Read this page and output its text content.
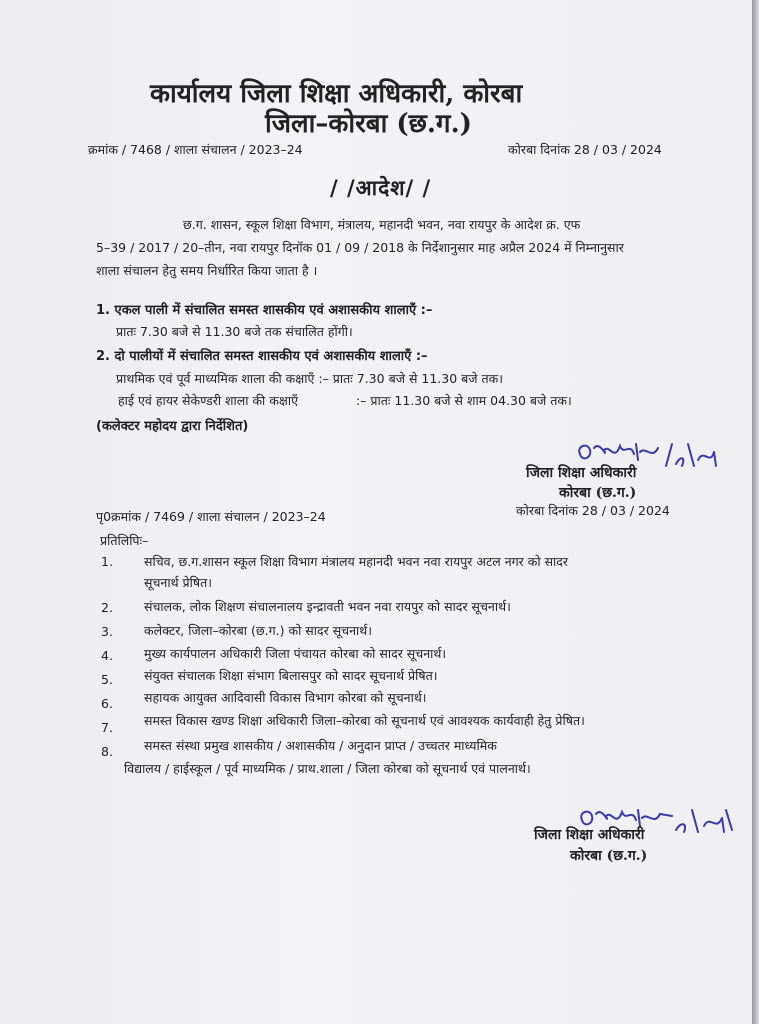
कार्यालय जिला शिक्षा अधिकारी, कोरबा
जिला–कोरबा (छ.ग.)
क्रमांक / 7468 / शाला संचालन / 2023–24	कोरबा दिनांक 28 / 03 / 2024
/ /आदेश/ /
छ.ग. शासन, स्कूल शिक्षा विभाग, मंत्रालय, महानदी भवन, नवा रायपुर के आदेश क्र. एफ
5–39 / 2017 / 20–तीन, नवा रायपुर दिनॉक 01 / 09 / 2018 के निर्देशानुसार माह अप्रैल 2024 में निम्नानुसार
शाला संचालन हेतु समय निर्धारित किया जाता है ।
1. एकल पाली में संचालित समस्त शासकीय एवं अशासकीय शालाएँ :–
प्रातः 7.30 बजे से 11.30 बजे तक संचालित होंगी।
2. दो पालीयों में संचालित समस्त शासकीय एवं अशासकीय शालाएँ :–
प्राथमिक एवं पूर्व माध्यमिक शाला की कक्षाएँ :– प्रातः 7.30 बजे से 11.30 बजे तक।
हाई एवं हायर सेकेण्डरी शाला की कक्षाएँ	:– प्रातः 11.30 बजे से शाम 04.30 बजे तक।
(कलेक्टर महोदय द्वारा निर्देशित)
जिला शिक्षा अधिकारी
कोरबा (छ.ग.)
पृ0क्रमांक / 7469 / शाला संचालन / 2023–24	कोरबा दिनांक 28 / 03 / 2024
प्रतिलिपिः–
1. सचिव, छ.ग.शासन स्कूल शिक्षा विभाग मंत्रालय महानदी भवन नवा रायपुर अटल नगर को सादर
सूचनार्थ प्रेषित।
2. संचालक, लोक शिक्षण संचालनालय इन्द्रावती भवन नवा रायपुर को सादर सूचनार्थ।
3. कलेक्टर, जिला–कोरबा (छ.ग.) को सादर सूचनार्थ।
4. मुख्य कार्यपालन अधिकारी जिला पंचायत कोरबा को सादर सूचनार्थ।
5. संयुक्त संचालक शिक्षा संभाग बिलासपुर को सादर सूचनार्थ प्रेषित।
6. सहायक आयुक्त आदिवासी विकास विभाग कोरबा को सूचनार्थ।
7. समस्त विकास खण्ड शिक्षा अधिकारी जिला–कोरबा को सूचनार्थ एवं आवश्यक कार्यवाही हेतु प्रेषित।
8. समस्त संस्था प्रमुख शासकीय / अशासकीय / अनुदान प्राप्त / उच्चतर माध्यमिक
विद्यालय / हाईस्कूल / पूर्व माध्यमिक / प्राथ.शाला / जिला कोरबा को सूचनार्थ एवं पालनार्थ।
जिला शिक्षा अधिकारी
कोरबा (छ.ग.)
